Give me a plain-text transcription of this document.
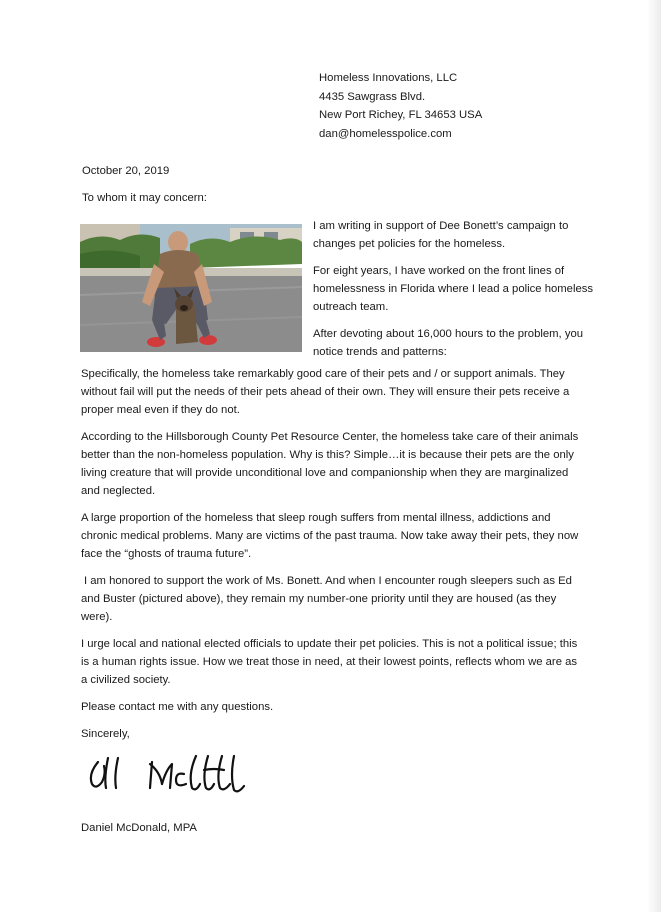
Homeless Innovations, LLC
4435 Sawgrass Blvd.
New Port Richey, FL 34653 USA
dan@homelesspolice.com
October 20, 2019
To whom it may concern:

I am writing in support of Dee Bonett’s campaign to changes pet policies for the homeless.

For eight years, I have worked on the front lines of homelessness in Florida where I lead a police homeless outreach team.

After devoting about 16,000 hours to the problem, you notice trends and patterns:

Specifically, the homeless take remarkably good care of their pets and / or support animals. They without fail will put the needs of their pets ahead of their own. They will ensure their pets receive a proper meal even if they do not.

According to the Hillsborough County Pet Resource Center, the homeless take care of their animals better than the non-homeless population. Why is this? Simple…it is because their pets are the only living creature that will provide unconditional love and companionship when they are marginalized and neglected.

A large proportion of the homeless that sleep rough suffers from mental illness, addictions and chronic medical problems. Many are victims of the past trauma. Now take away their pets, they now face the “ghosts of trauma future”.

I am honored to support the work of Ms. Bonett. And when I encounter rough sleepers such as Ed and Buster (pictured above), they remain my number-one priority until they are housed (as they were).

I urge local and national elected officials to update their pet policies. This is not a political issue; this is a human rights issue. How we treat those in need, at their lowest points, reflects whom we are as a civilized society.

Please contact me with any questions.

Sincerely,

Daniel McDonald, MPA
